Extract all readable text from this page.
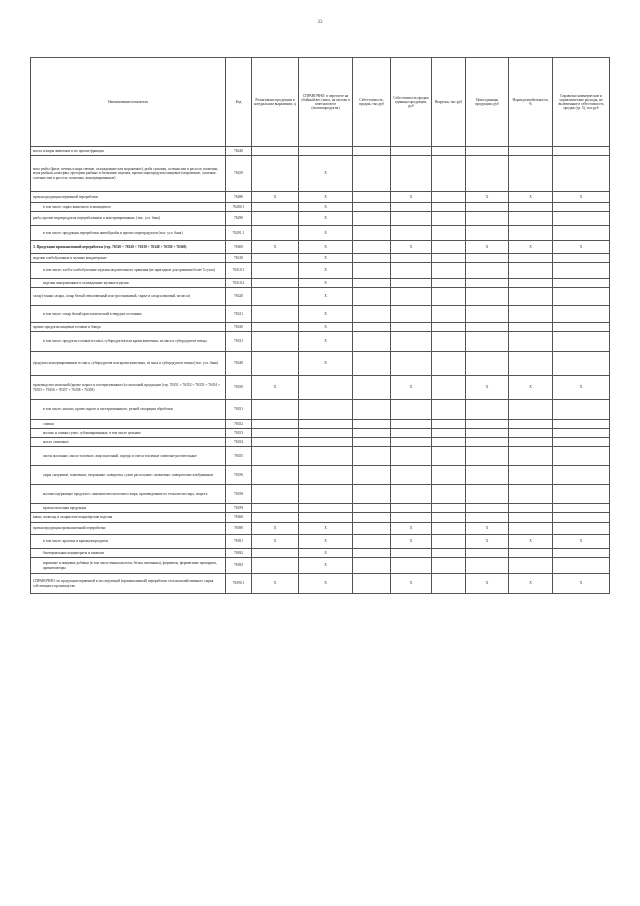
33
Наименование показателя	Код	Реализовано продукции в натуральном выражении, ц	СПРАВОЧНО: в пересчете на убойный вес (мясо, на молоко в зачетном весе (молокопродукты)	Себестоимость, продаж, тыс.руб	Себестоимость продаж единицы продукции, руб	Выручка, тыс.руб	Цена единицы продукции, руб	Норма рентабельности, %	Справочно коммерческие и управленческие расходы, не включенные в себестоимость продаж (гр. 5), тыс.руб
масла и жиры животные и их прочие фракции	76240								
мясо рыбы (филе, печень и икра свежие, охлажденные или мороженые), рыба сушеная, соленая или в рассоле, копченая, мука рыбная, консервы, пресервы рыбные и балычные изделия, прочие морепродукты пищевые (мороженые, сушеные, соленые или в рассоле, копченые, консервированные)	76250		X						
прочая продукция первичной переработки	76280	X	X		X		X	X	X
в том числе: сырье животного и непищевого	76280.1		X						
рыба, прочие морепродукты переработанные и консервированные, (тыс. усл. банк)	76290		X						
в том числе: продукция переработки живой рыбы и прочих морепродуктов (тыс. усл. банк)	76291.1		X						
3. Продукция промышленной переработки (стр. 76310 + 76320 + 76330 + 76340 + 76350 + 76360)	76300	X	X		X		X	X	X
изделия хлебобулочные и мучные кондитерские	76310		X						
в том числе: хлеб и хлебобулочные изделия недлительного хранения (не пригодные для хранения более 5 суток)	76310.1		X						
изделия замороженные и охлажденные мучные изделия	76310.2		X						
сахар (тонны сахара, сахар белый свекловичный или тростниковый, сырье и сахар кленовый, меласса)	76320		X						
в том числе: сахар белый кристаллический в твердом состоянии	76321		X						
прочие продукты пищевые готовые и блюда	76330		X						
в том числе: продукты готовые из мяса, субпродуктов или крови животных, из мяса и субпродуктов птицы	76331		X						
продукты консервированные из мяса, субпродуктов или крови животных, из мяса и субпродуктов птицы (тыс. усл. банк)	76340		X						
производство молочной (кроме сырого и пастеризованного) и молочной продукции (стр. 76351 + 76352 + 76353 + 76354 + 76355 + 76356 + 76357 + 76358 + 76359)	76350	X			X		X	X	X
в том числе: молоко, кроме сырого и пастеризованного, резкой сепарации обработки	76351								
сливки	76352								
молоко и сливки сухие, сублимированные, в том числе цельные	76353								
масло сливочное	76354								
пасты масляные, масло топленое, жир молочный, спреды и смеси топленые сливочно-растительные	76355								
сыры сычужные, плавленые, творожные, сыворотка, сухие рассольные; плавленые, сывороточно-альбуминные	76356								
молокосодержащие продукты с заменителем молочного жира, произведенные по технологии сыра, творога	76358								
прочая молочная продукция	76359								
какао, шоколад и сахаристые кондитерские изделия	76360								
прочая продукция промышленной переработки	76390	X	X		X		X		
в том числе: крахмал и крахмалопродукты	76391	X	X		X		X	X	X
биотермальные концентраты и закваски	76392		X						
кормовые и пищевые добавки (в том числе аминокислоты, белки, витамины), ферменты, ферментные препараты, ароматизаторы	76393		X						
СПРАВОЧНО: по продукции первичной и последующей (промышленной) переработки сельскохозяйственного сырья собственного производства	76390.1	X	X		X		X	X	X
